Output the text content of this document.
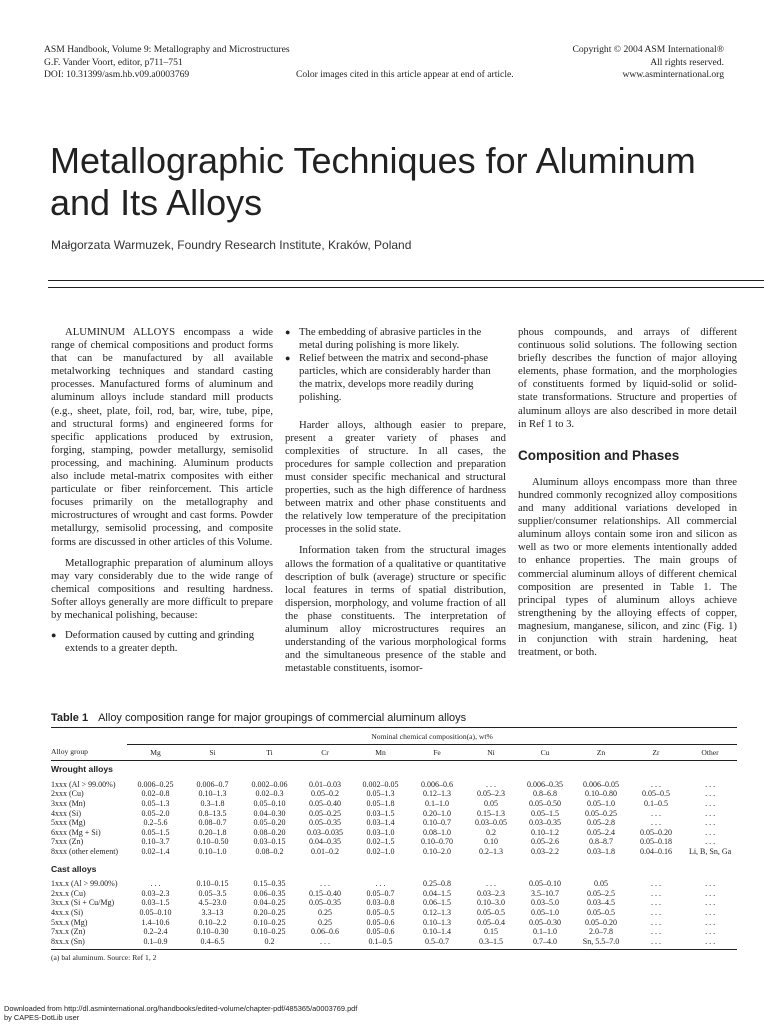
ASM Handbook, Volume 9: Metallography and Microstructures
G.F. Vander Voort, editor, p711–751
DOI: 10.31399/asm.hb.v09.a0003769	Color images cited in this article appear at end of article.
Copyright © 2004 ASM International®
All rights reserved.
www.asminternational.org
Metallographic Techniques for Aluminum and Its Alloys
Małgorzata Warmuzek, Foundry Research Institute, Kraków, Poland

ALUMINUM ALLOYS encompass a wide range of chemical compositions and product forms that can be manufactured by all available metalworking techniques and standard casting processes. Manufactured forms of aluminum and aluminum alloys include standard mill products (e.g., sheet, plate, foil, rod, bar, wire, tube, pipe, and structural forms) and engineered forms for specific applications produced by extrusion, forging, stamping, powder metallurgy, semisolid processing, and machining. Aluminum products also include metal-matrix composites with either particulate or fiber reinforcement. This article focuses primarily on the metallography and microstructures of wrought and cast forms. Powder metallurgy, semisolid processing, and composite forms are discussed in other articles of this Volume.

Metallographic preparation of aluminum alloys may vary considerably due to the wide range of chemical compositions and resulting hardness. Softer alloys generally are more difficult to prepare by mechanical polishing, because:

● Deformation caused by cutting and grinding extends to a greater depth.
● The embedding of abrasive particles in the metal during polishing is more likely.
● Relief between the matrix and second-phase particles, which are considerably harder than the matrix, develops more readily during polishing.

Harder alloys, although easier to prepare, present a greater variety of phases and complexities of structure. In all cases, the procedures for sample collection and preparation must consider specific mechanical and structural properties, such as the high difference of hardness between matrix and other phase constituents and the relatively low temperature of the precipitation processes in the solid state.

Information taken from the structural images allows the formation of a qualitative or quantitative description of bulk (average) structure or specific local features in terms of spatial distribution, dispersion, morphology, and volume fraction of all the phase constituents. The interpretation of aluminum alloy microstructures requires an understanding of the various morphological forms and the simultaneous presence of the stable and metastable constituents, isomor-

phous compounds, and arrays of different continuous solid solutions. The following section briefly describes the function of major alloying elements, phase formation, and the morphologies of constituents formed by liquid-solid or solid-state transformations. Structure and properties of aluminum alloys are also described in more detail in Ref 1 to 3.

Composition and Phases

Aluminum alloys encompass more than three hundred commonly recognized alloy compositions and many additional variations developed in supplier/consumer relationships. All commercial aluminum alloys contain some iron and silicon as well as two or more elements intentionally added to enhance properties. The main groups of commercial aluminum alloys of different chemical composition are presented in Table 1. The principal types of aluminum alloys achieve strengthening by the alloying effects of copper, magnesium, manganese, silicon, and zinc (Fig. 1) in conjunction with strain hardening, heat treatment, or both.

Table 1 Alloy composition range for major groupings of commercial aluminum alloys
	Nominal chemical composition(a), wt%										
Alloy group	Mg	Si	Ti	Cr	Mn	Fe	Ni	Cu	Zn	Zr	Other
Wrought alloys											
1xxx (Al > 99.00%)	0.006–0.25	0.006–0.7	0.002–0.06	0.01–0.03	0.002–0.05	0.006–0.6	. . .	0.006–0.35	0.006–0.05	. . .	. . .
2xxx (Cu)	0.02–0.8	0.10–1.3	0.02–0.3	0.05–0.2	0.05–1.3	0.12–1.3	0.05–2.3	0.8–6.8	0.10–0.80	0.05–0.5	. . .
3xxx (Mn)	0.05–1.3	0.3–1.8	0.05–0.10	0.05–0.40	0.05–1.8	0.1–1.0	0.05	0.05–0.50	0.05–1.0	0.1–0.5	. . .
4xxx (Si)	0.05–2.0	0.8–13.5	0.04–0.30	0.05–0.25	0.03–1.5	0.20–1.0	0.15–1.3	0.05–1.5	0.05–0.25	. . .	. . .
5xxx (Mg)	0.2–5.6	0.08–0.7	0.05–0.20	0.05–0.35	0.03–1.4	0.10–0.7	0.03–0.05	0.03–0.35	0.05–2.8	. . .	. . .
6xxx (Mg + Si)	0.05–1.5	0.20–1.8	0.08–0.20	0.03–0.035	0.03–1.0	0.08–1.0	0.2	0.10–1.2	0.05–2.4	0.05–0.20	. . .
7xxx (Zn)	0.10–3.7	0.10–0.50	0.03–0.15	0.04–0.35	0.02–1.5	0.10–0.70	0.10	0.05–2.6	0.8–8.7	0.05–0.18	. . .
8xxx (other element)	0.02–1.4	0.10–1.0	0.08–0.2	0.01–0.2	0.02–1.0	0.10–2.0	0.2–1.3	0.03–2.2	0.03–1.8	0.04–0.16	Li, B, Sn, Ga
Cast alloys											
1xx.x (Al > 99.00%)	. . .	0.10–0.15	0.15–0.35	. . .	. . .	0.25–0.8	. . .	0.05–0.10	0.05	. . .	. . .
2xx.x (Cu)	0.03–2.3	0.05–3.5	0.06–0.35	0.15–0.40	0.05–0.7	0.04–1.5	0.03–2.3	3.5–10.7	0.05–2.5	. . .	. . .
3xx.x (Si + Cu/Mg)	0.03–1.5	4.5–23.0	0.04–0.25	0.05–0.35	0.03–0.8	0.06–1.5	0.10–3.0	0.03–5.0	0.03–4.5	. . .	. . .
4xx.x (Si)	0.05–0.10	3.3–13	0.20–0.25	0.25	0.05–0.5	0.12–1.3	0.05–0.5	0.05–1.0	0.05–0.5	. . .	. . .
5xx.x (Mg)	1.4–10.6	0.10–2.2	0.10–0.25	0.25	0.05–0.6	0.10–1.3	0.05–0.4	0.05–0.30	0.05–0.20	. . .	. . .
7xx.x (Zn)	0.2–2.4	0.10–0.30	0.10–0.25	0.06–0.6	0.05–0.6	0.10–1.4	0.15	0.1–1.0	2.0–7.8	. . .	. . .
8xx.x (Sn)	0.1–0.9	0.4–6.5	0.2	. . .	0.1–0.5	0.5–0.7	0.3–1.5	0.7–4.0	Sn, 5.5–7.0	. . .	. . .
(a) bal aluminum. Source: Ref 1, 2
Downloaded from http://dl.asminternational.org/handbooks/edited-volume/chapter-pdf/485365/a0003769.pdf
by CAPES-DotLib user
